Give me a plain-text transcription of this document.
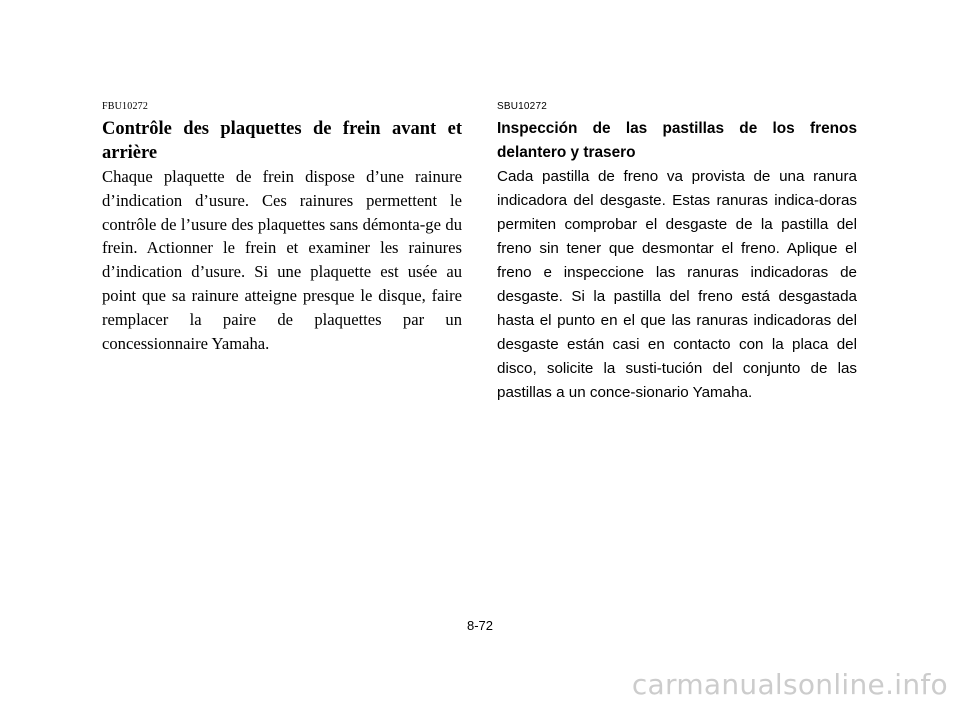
FBU10272

Contrôle des plaquettes de frein avant et arrière

Chaque plaquette de frein dispose d’une rainure d’indication d’usure. Ces rainures permettent le contrôle de l’usure des plaquettes sans démonta-ge du frein. Actionner le frein et examiner les rainures d’indication d’usure. Si une plaquette est usée au point que sa rainure atteigne presque le disque, faire remplacer la paire de plaquettes par un concessionnaire Yamaha.

SBU10272

Inspección de las pastillas de los frenos delantero y trasero

Cada pastilla de freno va provista de una ranura indicadora del desgaste. Estas ranuras indica-doras permiten comprobar el desgaste de la pastilla del freno sin tener que desmontar el freno. Aplique el freno e inspeccione las ranuras indicadoras de desgaste. Si la pastilla del freno está desgastada hasta el punto en el que las ranuras indicadoras del desgaste están casi en contacto con la placa del disco, solicite la susti-tución del conjunto de las pastillas a un conce-sionario Yamaha.

8-72
carmanualsonline.info
